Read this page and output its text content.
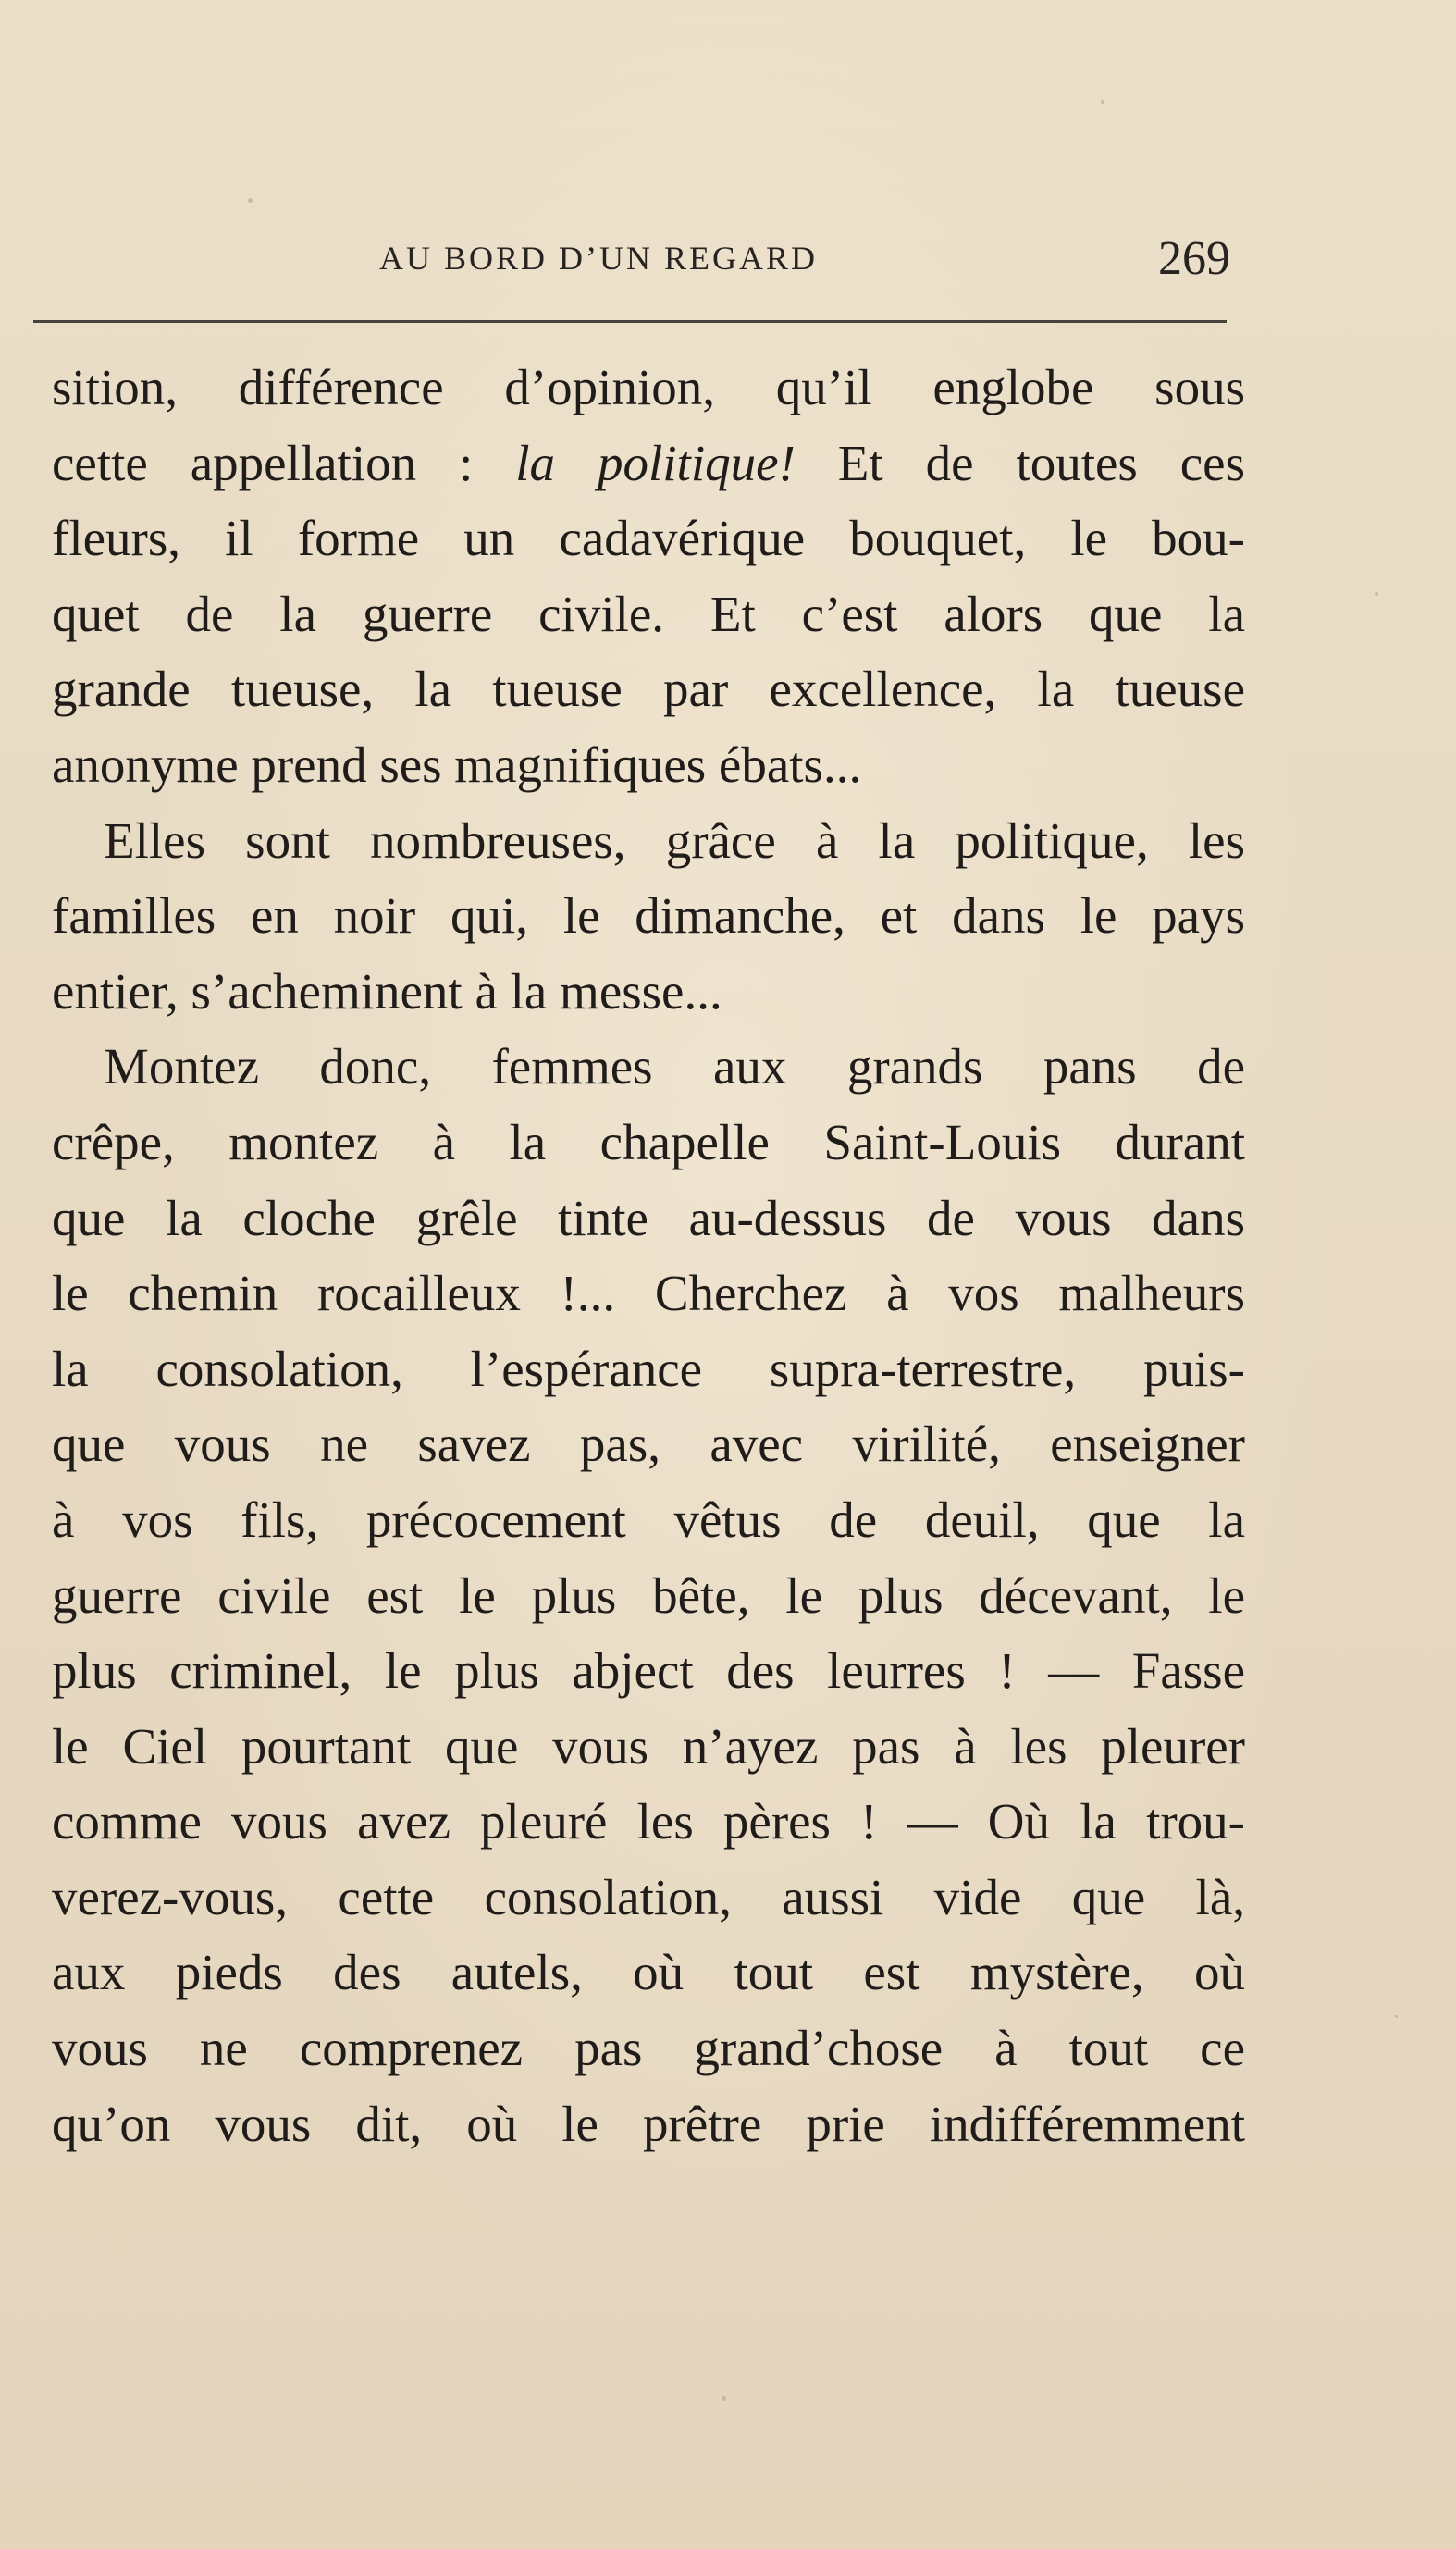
AU BORD D’UN REGARD	269
sition, différence d’opinion, qu’il englobe sous
cette appellation : la politique! Et de toutes ces
fleurs, il forme un cadavérique bouquet, le bou-
quet de la guerre civile. Et c’est alors que la
grande tueuse, la tueuse par excellence, la tueuse
anonyme prend ses magnifiques ébats...
Elles sont nombreuses, grâce à la politique, les
familles en noir qui, le dimanche, et dans le pays
entier, s’acheminent à la messe...
Montez donc, femmes aux grands pans de
crêpe, montez à la chapelle Saint-Louis durant
que la cloche grêle tinte au-dessus de vous dans
le chemin rocailleux !... Cherchez à vos malheurs
la consolation, l’espérance supra-terrestre, puis-
que vous ne savez pas, avec virilité, enseigner
à vos fils, précocement vêtus de deuil, que la
guerre civile est le plus bête, le plus décevant, le
plus criminel, le plus abject des leurres ! — Fasse
le Ciel pourtant que vous n’ayez pas à les pleurer
comme vous avez pleuré les pères ! — Où la trou-
verez-vous, cette consolation, aussi vide que là,
aux pieds des autels, où tout est mystère, où
vous ne comprenez pas grand’chose à tout ce
qu’on vous dit, où le prêtre prie indifféremment
